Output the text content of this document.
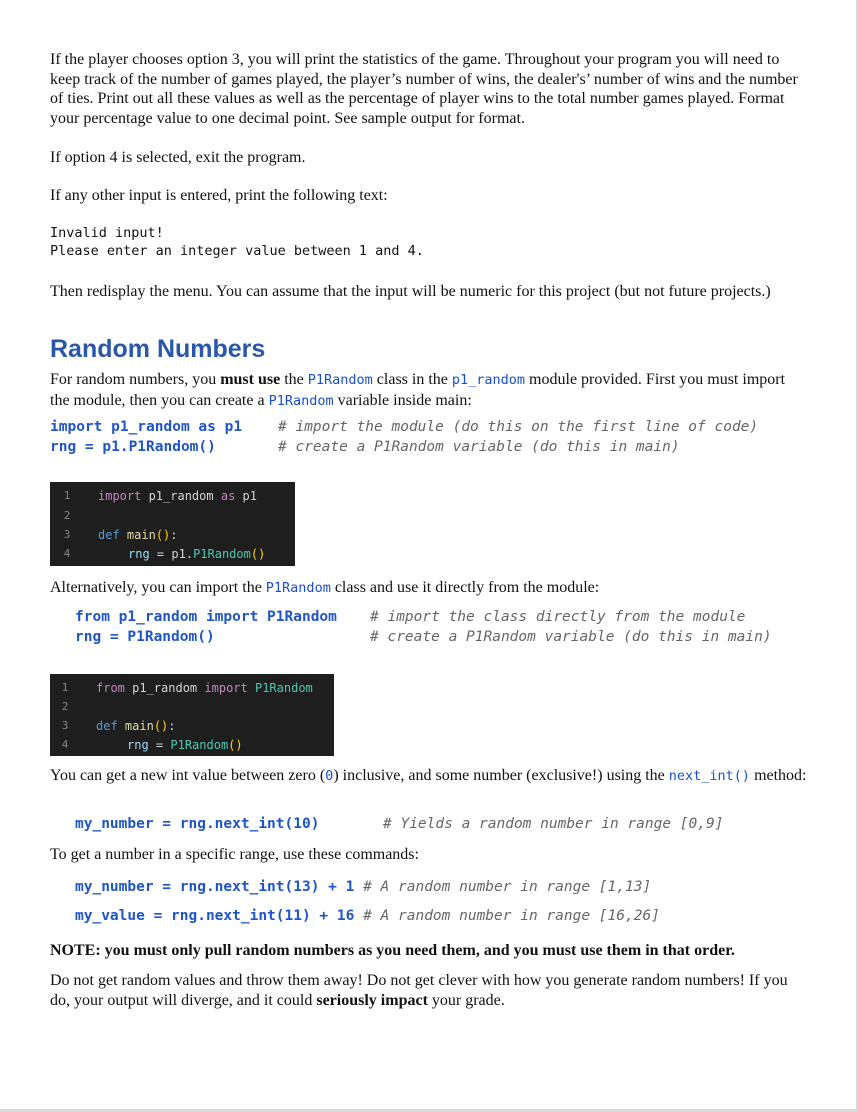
If the player chooses option 3, you will print the statistics of the game. Throughout your program you will need to keep track of the number of games played, the player’s number of wins, the dealer's’ number of wins and the number of ties. Print out all these values as well as the percentage of player wins to the total number games played. Format your percentage value to one decimal point. See sample output for format.

If option 4 is selected, exit the program.

If any other input is entered, print the following text:

Invalid input!
Please enter an integer value between 1 and 4.

Then redisplay the menu. You can assume that the input will be numeric for this project (but not future projects.)

Random Numbers

For random numbers, you must use the P1Random class in the p1_random module provided. First you must import the module, then you can create a P1Random variable inside main:

import p1_random as p1	# import the module (do this on the first line of code)
rng = p1.P1Random()	# create a P1Random variable (do this in main)
1
2
3
4
import p1_random as p1
def main():
rng = p1.P1Random()

Alternatively, you can import the P1Random class and use it directly from the module:

from p1_random import P1Random	# import the class directly from the module
rng = P1Random()	# create a P1Random variable (do this in main)
1
2
3
4
from p1_random import P1Random
def main():
rng = P1Random()

You can get a new int value between zero (0) inclusive, and some number (exclusive!) using the next_int() method:

my_number = rng.next_int(10)	# Yields a random number in range [0,9]

To get a number in a specific range, use these commands:

my_number = rng.next_int(13) + 1
# A random number in range [1,13]
my_value = rng.next_int(11) + 16
# A random number in range [16,26]

NOTE: you must only pull random numbers as you need them, and you must use them in that order.

Do not get random values and throw them away! Do not get clever with how you generate random numbers! If you do, your output will diverge, and it could seriously impact your grade.
